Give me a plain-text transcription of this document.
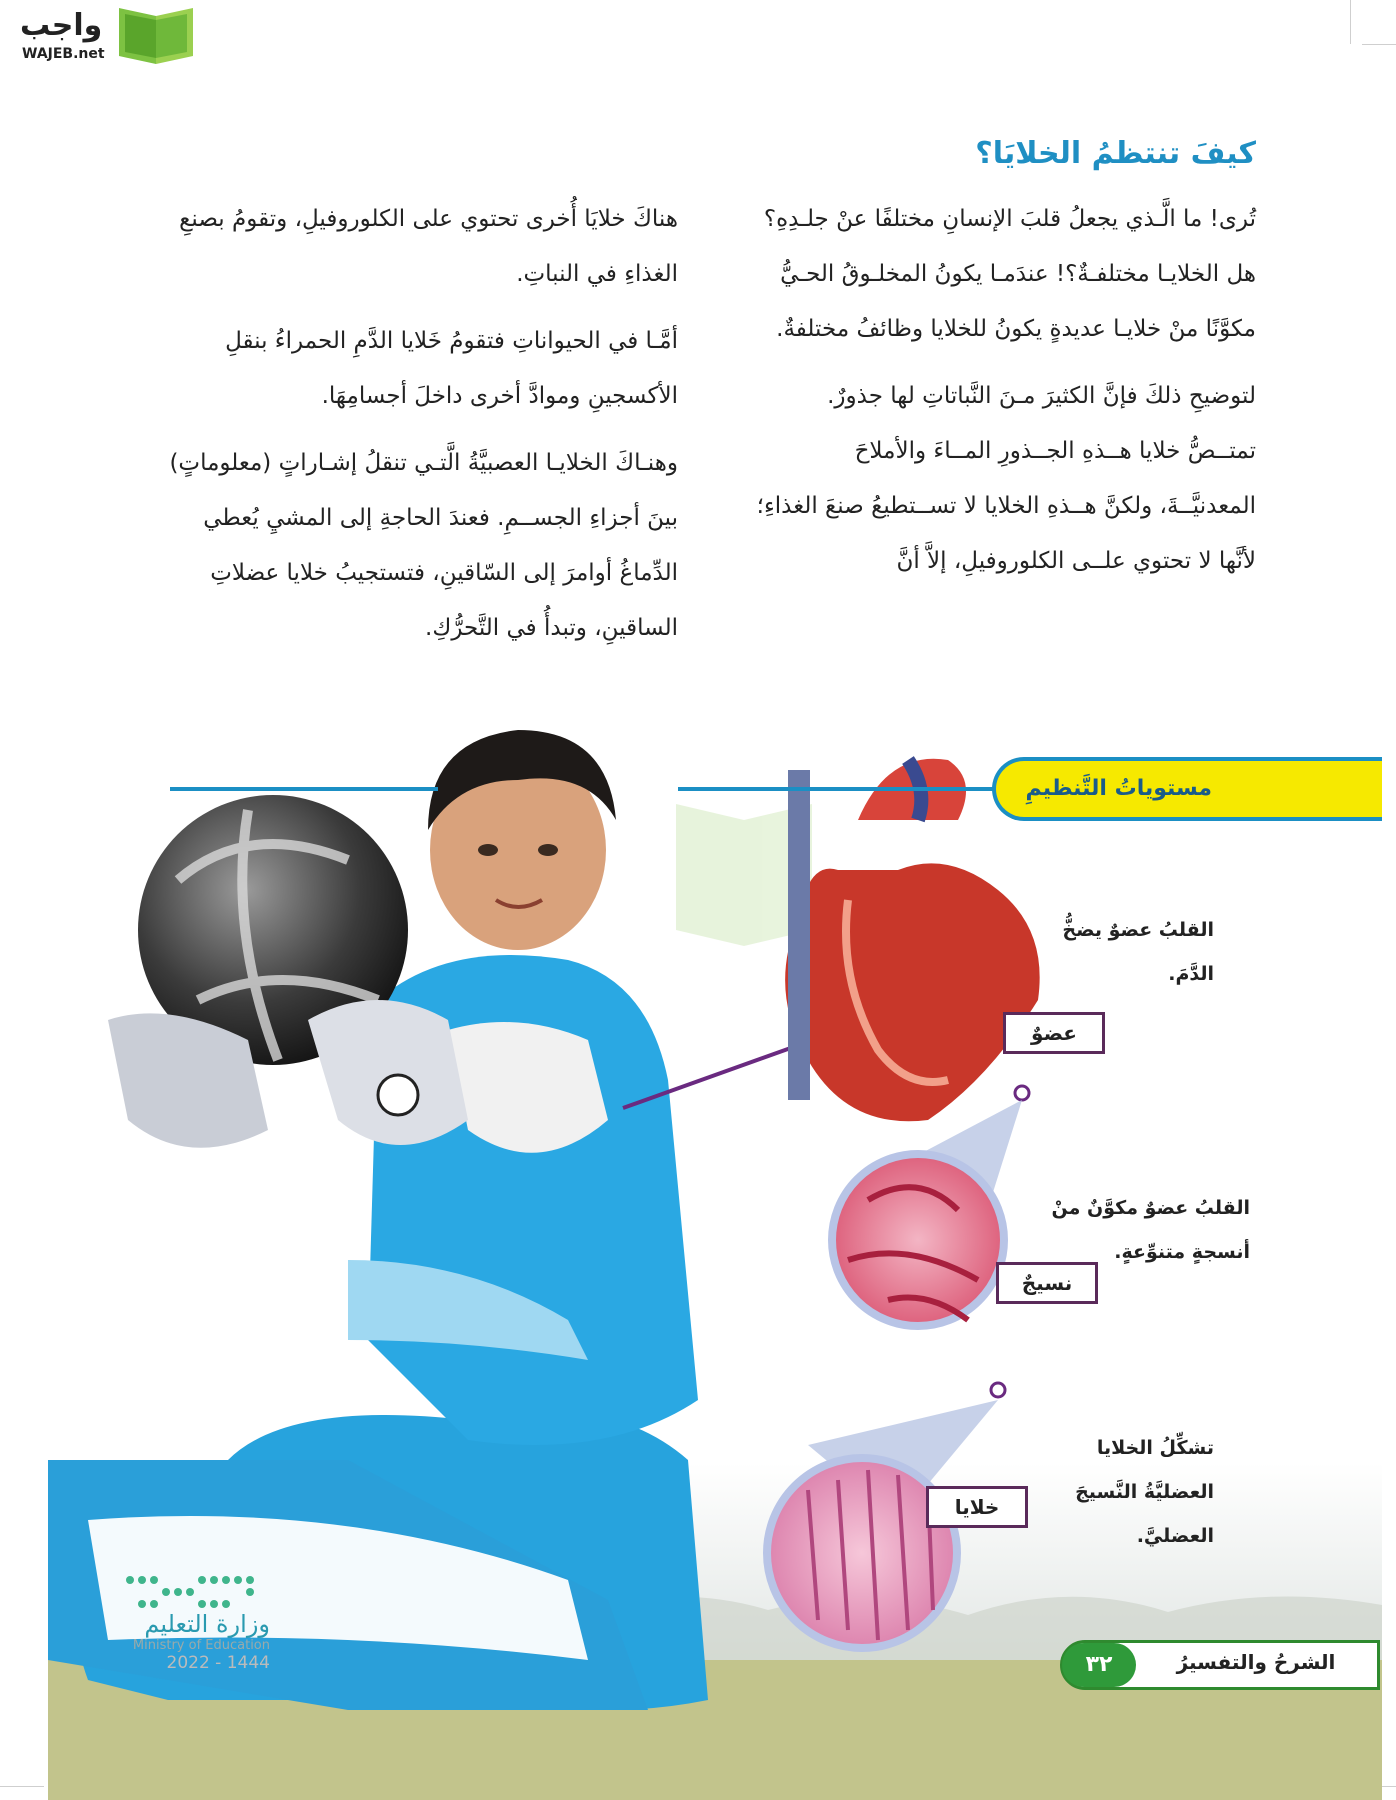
واجب
WAJEB.net
كيفَ تنتظمُ الخلايَا؟

تُرى! ما الَّـذي يجعلُ قلبَ الإنسانِ مختلفًا عنْ جلـدِهِ؟ هل الخلايـا مختلفـةٌ؟! عندَمـا يكونُ المخلـوقُ الحـيُّ مكوَّنًا منْ خلايـا عديدةٍ يكونُ للخلايا وظائفُ مختلفةٌ.

لتوضيحِ ذلكَ فإنَّ الكثيرَ مـنَ النَّباتاتِ لها جذورٌ. تمتــصُّ خلايا هــذهِ الجــذورِ المــاءَ والأملاحَ المعدنيَّــةَ، ولكنَّ هــذهِ الخلايا لا تســتطيعُ صنعَ الغذاءِ؛ لأنَّها لا تحتوي علــى الكلوروفيلِ، إلاَّ أنَّ

هناكَ خلايَا أُخرى تحتوي على الكلوروفيلِ، وتقومُ بصنعِ الغذاءِ في النباتِ.

أمَّـا في الحيواناتِ فتقومُ خَلايا الدَّمِ الحمراءُ بنقلِ الأكسجينِ وموادَّ أخرى داخلَ أجسامِهَا.

وهنـاكَ الخلايـا العصبيَّةُ الَّتـي تنقلُ إشـاراتٍ (معلوماتٍ) بينَ أجزاءِ الجســمِ. فعندَ الحاجةِ إلى المشيِ يُعطي الدِّماغُ أوامرَ إلى السّاقينِ، فتستجيبُ خلايا عضلاتِ الساقينِ، وتبدأُ في التَّحرُّكِ.

مستوياتُ التَّنظيمِ
القلبُ عضوٌ يضخُّ الدَّمَ.
القلبُ عضوٌ مكوَّنٌ منْ أنسجةٍ متنوِّعةٍ.
تشكِّلُ الخلايا العضليَّةُ النَّسيجَ العضليَّ.
عضوٌ
نسيجٌ
خلايا
وزارة التعليم
Ministry of Education
2022 - 1444	٣٢	الشرحُ والتفسيرُ
